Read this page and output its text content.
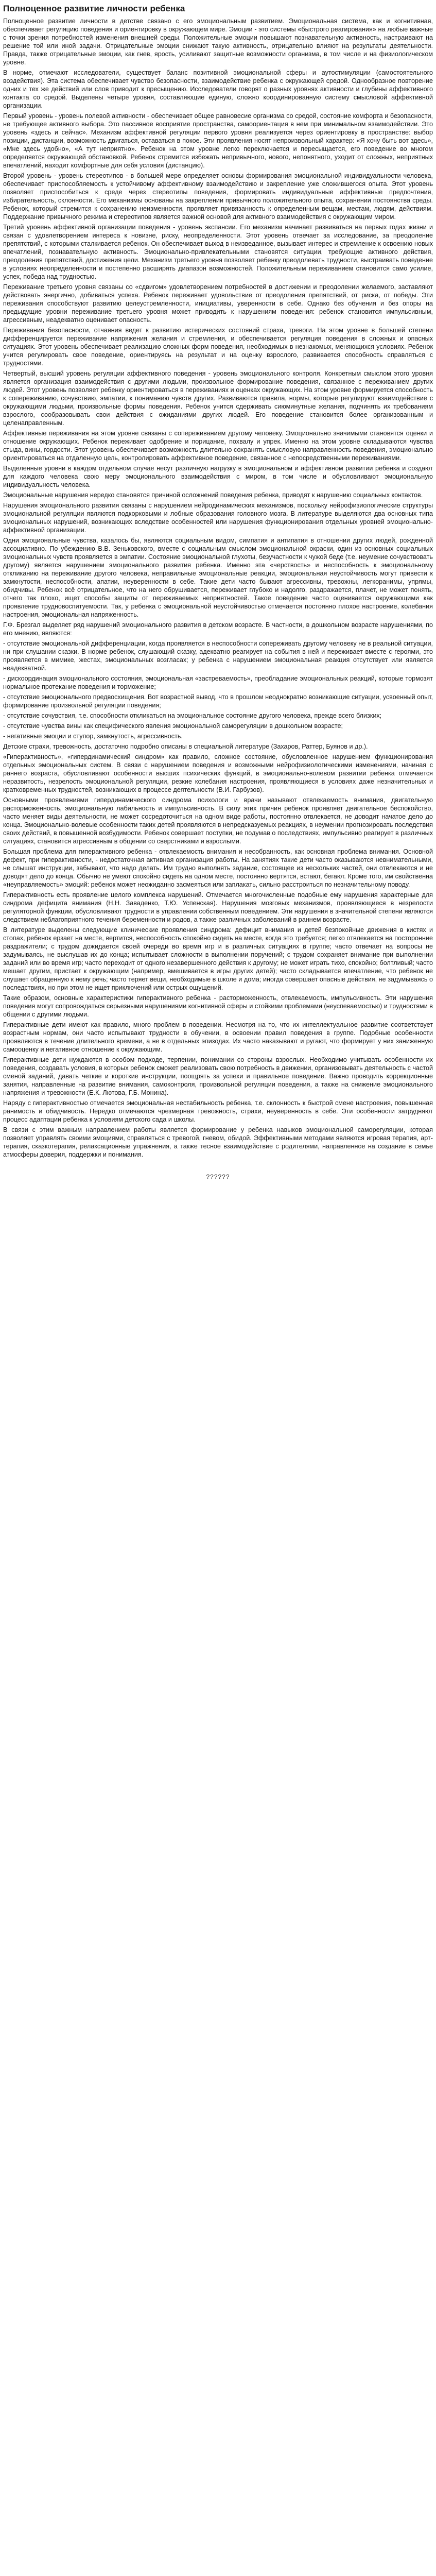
Полноценное развитие личности ребенка

Полноценное развитие личности в детстве связано с его эмоциональным развитием. Эмоциональная система, как и когнитивная, обеспечивает регуляцию поведения и ориентировку в окружающем мире. Эмоции - это системы «быстрого реагирования» на любые важные с точки зрения потребностей изменения внешней среды. Положительные эмоции повышают познавательную активность, настраивают на решение той или иной задачи. Отрицательные эмоции снижают такую активность, отрицательно влияют на результаты деятельности. Правда, также отрицательные эмоции, как гнев, ярость, усиливают защитные возможности организма, в том числе и на физиологическом уровне.

В норме, отмечают исследователи, существует баланс позитивной эмоциональной сферы и аутостимуляции (самостоятельного воздействия). Эта система обеспечивает чувство безопасности, взаимодействие ребенка с окружающей средой. Однообразное повторение одних и тех же действий или слов приводит к пресыщению. Исследователи говорят о разных уровнях активности и глубины аффективного контакта со средой. Выделены четыре уровня, составляющие единую, сложно координированную систему смысловой аффективной организации.

Первый уровень - уровень полевой активности - обеспечивает общее равновесие организма со средой, состояние комфорта и безопасности, не требующее активного выбора. Это пассивное восприятие пространства, самоориентация в нем при минимальном взаимодействии. Это уровень «здесь и сейчас». Механизм аффективной регуляции первого уровня реализуется через ориентировку в пространстве: выбор позиции, дистанции, возможность двигаться, оставаться в покое. Эти проявления носят непроизвольный характер: «Я хочу быть вот здесь», «Мне здесь удобно», «А тут неприятно». Ребенок на этом уровне легко переключается и пересыщается, его поведение во многом определяется окружающей обстановкой. Ребенок стремится избежать непривычного, нового, непонятного, уходит от сложных, неприятных впечатлений, находит комфортные для себя условия (дистанцию).

Второй уровень - уровень стереотипов - в большей мере определяет основы формирования эмоциональной индивидуальности человека, обеспечивает приспособляемость к устойчивому аффективному взаимодействию и закрепление уже сложившегося опыта. Этот уровень позволяет приспособиться к среде через стереотипы поведения, формировать индивидуальные аффективные предпочтения, избирательность, склонности. Его механизмы основаны на закреплении привычного положительного опыта, сохранении постоянства среды. Ребенок, который стремится к сохранению неизменности, проявляет привязанность к определенным вещам, местам, людям, действиям. Поддержание привычного режима и стереотипов является важной основой для активного взаимодействия с окружающим миром.

Третий уровень аффективной организации поведения - уровень экспансии. Его механизм начинает развиваться на первых годах жизни и связан с удовлетворением интереса к новизне, риску, неопределенности. Этот уровень отвечает за исследование, за преодоление препятствий, с которыми сталкивается ребенок. Он обеспечивает выход в неизведанное, вызывает интерес и стремление к освоению новых впечатлений, познавательную активность. Эмоционально-привлекательными становятся ситуации, требующие активного действия, преодоления препятствий, достижения цели. Механизм третьего уровня позволяет ребенку преодолевать трудности, выстраивать поведение в условиях неопределенности и постепенно расширять диапазон возможностей. Положительным переживанием становится само усилие, успех, победа над трудностью.

Переживание третьего уровня связаны со «сдвигом» удовлетворением потребностей в достижении и преодолении желаемого, заставляют действовать энергично, добиваться успеха. Ребенок переживает удовольствие от преодоления препятствий, от риска, от победы. Эти переживания способствуют развитию целеустремленности, инициативы, уверенности в себе. Однако без обучения и без опоры на предыдущие уровни переживание третьего уровня может приводить к нарушениям поведения: ребенок становится импульсивным, агрессивным, неадекватно оценивает опасность.

Переживания безопасности, отчаяния ведет к развитию истерических состояний страха, тревоги. На этом уровне в большей степени дифференцируется переживание напряжения желания и стремления, и обеспечивается регуляция поведения в сложных и опасных ситуациях. Этот уровень обеспечивает реализацию сложных форм поведения, необходимых в незнакомых, меняющихся условиях. Ребенок учится регулировать свое поведение, ориентируясь на результат и на оценку взрослого, развивается способность справляться с трудностями.

Четвертый, высший уровень регуляции аффективного поведения - уровень эмоционального контроля. Конкретным смыслом этого уровня является организация взаимодействия с другими людьми, произвольное формирование поведения, связанное с переживанием других людей. Этот уровень позволяет ребенку ориентироваться в переживаниях и оценках окружающих. На этом уровне формируется способность к сопереживанию, сочувствию, эмпатии, к пониманию чувств других. Развиваются правила, нормы, которые регулируют взаимодействие с окружающими людьми, произвольные формы поведения. Ребенок учится сдерживать сиюминутные желания, подчинять их требованиям взрослого, сообразовывать свои действия с ожиданиями других людей. Его поведение становится более организованным и целенаправленным.

Аффективные переживания на этом уровне связаны с сопереживанием другому человеку. Эмоционально значимыми становятся оценки и отношение окружающих. Ребенок переживает одобрение и порицание, похвалу и упрек. Именно на этом уровне складываются чувства стыда, вины, гордости. Этот уровень обеспечивает возможность длительно сохранять смысловую направленность поведения, эмоционально ориентироваться на отдаленную цель, контролировать аффективное поведение, связанное с непосредственными переживаниями.

Выделенные уровни в каждом отдельном случае несут различную нагрузку в эмоциональном и аффективном развитии ребенка и создают для каждого человека свою меру эмоционального взаимодействия с миром, в том числе и обусловливают эмоциональную индивидуальность человека.

Эмоциональные нарушения нередко становятся причиной осложнений поведения ребенка, приводят к нарушению социальных контактов.

Нарушения эмоционального развития связаны с нарушением нейродинамических механизмов, поскольку нейрофизиологические структуры эмоциональной регуляции являются подкорковыми и лобные образования головного мозга. В литературе выделяются два основных типа эмоциональных нарушений, возникающих вследствие особенностей или нарушения функционирования отдельных уровней эмоционально-аффективной организации.

Одни эмоциональные чувства, казалось бы, являются социальным видом, симпатия и антипатия в отношении других людей, рожденной ассоциативно. По убеждению В.В. Зеньковского, вместе с социальным смыслом эмоциональной окраски, один из основных социальных эмоциональных чувств проявляется в эмпатии. Состояние эмоциональной глухоты, безучастности к чужой беде (т.е. неумение сочувствовать другому) является нарушением эмоционального развития ребенка. Именно эта «черствость» и неспособность к эмоциональному откликанию на переживание другого человека, неправильные эмоциональные реакции, эмоциональная неустойчивость могут привести к замкнутости, неспособности, апатии, неуверенности в себе. Такие дети часто бывают агрессивны, тревожны, легкоранимы, упрямы, обидчивы. Ребенок всё отрицательное, что на него обрушивается, переживает глубоко и надолго, раздражается, плачет, не может понять, отчего так плохо, ищет способы защиты от переживаемых неприятностей. Такое поведение часто оценивается окружающими как проявление трудновоспитуемости. Так, у ребенка с эмоциональной неустойчивостью отмечается постоянно плохое настроение, колебания настроения, эмоциональная напряженность.

Г.Ф. Брезгал выделяет ряд нарушений эмоционального развития в детском возрасте. В частности, в дошкольном возрасте нарушениями, по его мнению, являются:

- отсутствие эмоциональной дифференциации, когда проявляется в неспособности сопереживать другому человеку не в реальной ситуации, ни при слушании сказки. В норме ребенок, слушающий сказку, адекватно реагирует на события в ней и переживает вместе с героями, это проявляется в мимике, жестах, эмоциональных возгласах; у ребенка с нарушением эмоциональная реакция отсутствует или является неадекватной.

- дискоординация эмоционального состояния, эмоциональная «застреваемость», преобладание эмоциональных реакций, которые тормозят нормальное протекание поведения и торможение;

- отсутствие эмоционального предвосхищения. Вот возрастной вывод, что в прошлом неоднократно возникающие ситуации, усвоенный опыт, формирование произвольной регуляции поведения;

- отсутствие сочувствия, т.е. способности откликаться на эмоциональное состояние другого человека, прежде всего близких;

- отсутствие чувства вины как специфического явления эмоциональной саморегуляции в дошкольном возрасте;

- негативные эмоции и ступор, замкнутость, агрессивность.

Детские страхи, тревожность, достаточно подробно описаны в специальной литературе (Захаров, Раттер, Буянов и др.).

«Гиперактивность», «гипердинамический синдром» как правило, сложное состояние, обусловленное нарушением функционирования отдельных эмоциональных систем. В связи с нарушением поведения и возможными нейрофизиологическими изменениями, начиная с раннего возраста, обусловливают особенности высших психических функций, в эмоционально-волевом развитии ребенка отмечается неразвитость, незрелость эмоциональной регуляции, резкие колебания настроения, проявляющиеся в условиях даже незначительных и кратковременных трудностей, возникающих в процессе деятельности (В.И. Гарбузов).

Основными проявлениями гипердинамического синдрома психологи и врачи называют отвлекаемость внимания, двигательную расторможенность, эмоциональную лабильность и импульсивность. В силу этих причин ребенок проявляет двигательное беспокойство, часто меняет виды деятельности, не может сосредоточиться на одном виде работы, постоянно отвлекается, не доводит начатое дело до конца. Эмоционально-волевые особенности таких детей проявляются в непредсказуемых реакциях, в неумении прогнозировать последствия своих действий, в повышенной возбудимости. Ребенок совершает поступки, не подумав о последствиях, импульсивно реагирует в различных ситуациях, становится агрессивным в общении со сверстниками и взрослыми.

Большая проблема для гиперактивного ребенка - отвлекаемость внимания и несобранность, как основная проблема внимания. Основной дефект, при гиперактивности, - недостаточная активная организация работы. На занятиях такие дети часто оказываются невнимательными, не слышат инструкции, забывают, что надо делать. Им трудно выполнять задание, состоящее из нескольких частей, они отвлекаются и не доводят дело до конца. Обычно не умеют спокойно сидеть на одном месте, постоянно вертятся, встают, бегают. Кроме того, им свойственна «неуправляемость» эмоций: ребенок может неожиданно засмеяться или заплакать, сильно расстроиться по незначительному поводу.

Гиперактивность есть проявление целого комплекса нарушений. Отмечается многочисленные подобные ему нарушения характерные для синдрома дефицита внимания (Н.Н. Заваденко, Т.Ю. Успенская). Нарушения мозговых механизмов, проявляющиеся в незрелости регуляторной функции, обусловливают трудности в управлении собственным поведением. Эти нарушения в значительной степени являются следствием неблагоприятного течения беременности и родов, а также различных заболеваний в раннем возрасте.

В литературе выделены следующие клинические проявления синдрома: дефицит внимания и детей безпокойные движения в кистях и стопах, ребенок ерзает на месте, вертится, неспособность спокойно сидеть на месте, когда это требуется; легко отвлекается на посторонние раздражители; с трудом дожидается своей очереди во время игр и в различных ситуациях в группе; часто отвечает на вопросы не задумываясь, не выслушав их до конца; испытывает сложности в выполнении поручений; с трудом сохраняет внимание при выполнении заданий или во время игр; часто переходит от одного незавершенного действия к другому; не может играть тихо, спокойно; болтливый; часто мешает другим, пристает к окружающим (например, вмешивается в игры других детей); часто складывается впечатление, что ребенок не слушает обращенную к нему речь; часто теряет вещи, необходимые в школе и дома; иногда совершает опасные действия, не задумываясь о последствиях, но при этом не ищет приключений или острых ощущений.

Такие образом, основные характеристики гиперактивного ребенка - расторможенность, отвлекаемость, импульсивность. Эти нарушения поведения могут сопровождаться серьезными нарушениями когнитивной сферы и стойкими проблемами (неуспеваемостью) и трудностями в общении с другими людьми.

Гиперактивные дети имеют как правило, много проблем в поведении. Несмотря на то, что их интеллектуальное развитие соответствует возрастным нормам, они часто испытывают трудности в обучении, в освоении правил поведения в группе. Подобные особенности проявляются в течение длительного времени, а не в отдельных эпизодах. Их часто наказывают и ругают, что формирует у них заниженную самооценку и негативное отношение к окружающим.

Гиперактивные дети нуждаются в особом подходе, терпении, понимании со стороны взрослых. Необходимо учитывать особенности их поведения, создавать условия, в которых ребенок сможет реализовать свою потребность в движении, организовывать деятельность с частой сменой заданий, давать четкие и короткие инструкции, поощрять за успехи и правильное поведение. Важно проводить коррекционные занятия, направленные на развитие внимания, самоконтроля, произвольной регуляции поведения, а также на снижение эмоционального напряжения и тревожности (Е.К. Лютова, Г.Б. Монина).

Наряду с гиперактивностью отмечается эмоциональная нестабильность ребенка, т.е. склонность к быстрой смене настроения, повышенная ранимость и обидчивость. Нередко отмечаются чрезмерная тревожность, страхи, неуверенность в себе. Эти особенности затрудняют процесс адаптации ребенка к условиям детского сада и школы.

В связи с этим важным направлением работы является формирование у ребенка навыков эмоциональной саморегуляции, которая позволяет управлять своими эмоциями, справляться с тревогой, гневом, обидой. Эффективными методами являются игровая терапия, арт-терапия, сказкотерапия, релаксационные упражнения, а также тесное взаимодействие с родителями, направленное на создание в семье атмосферы доверия, поддержки и понимания.

??????
